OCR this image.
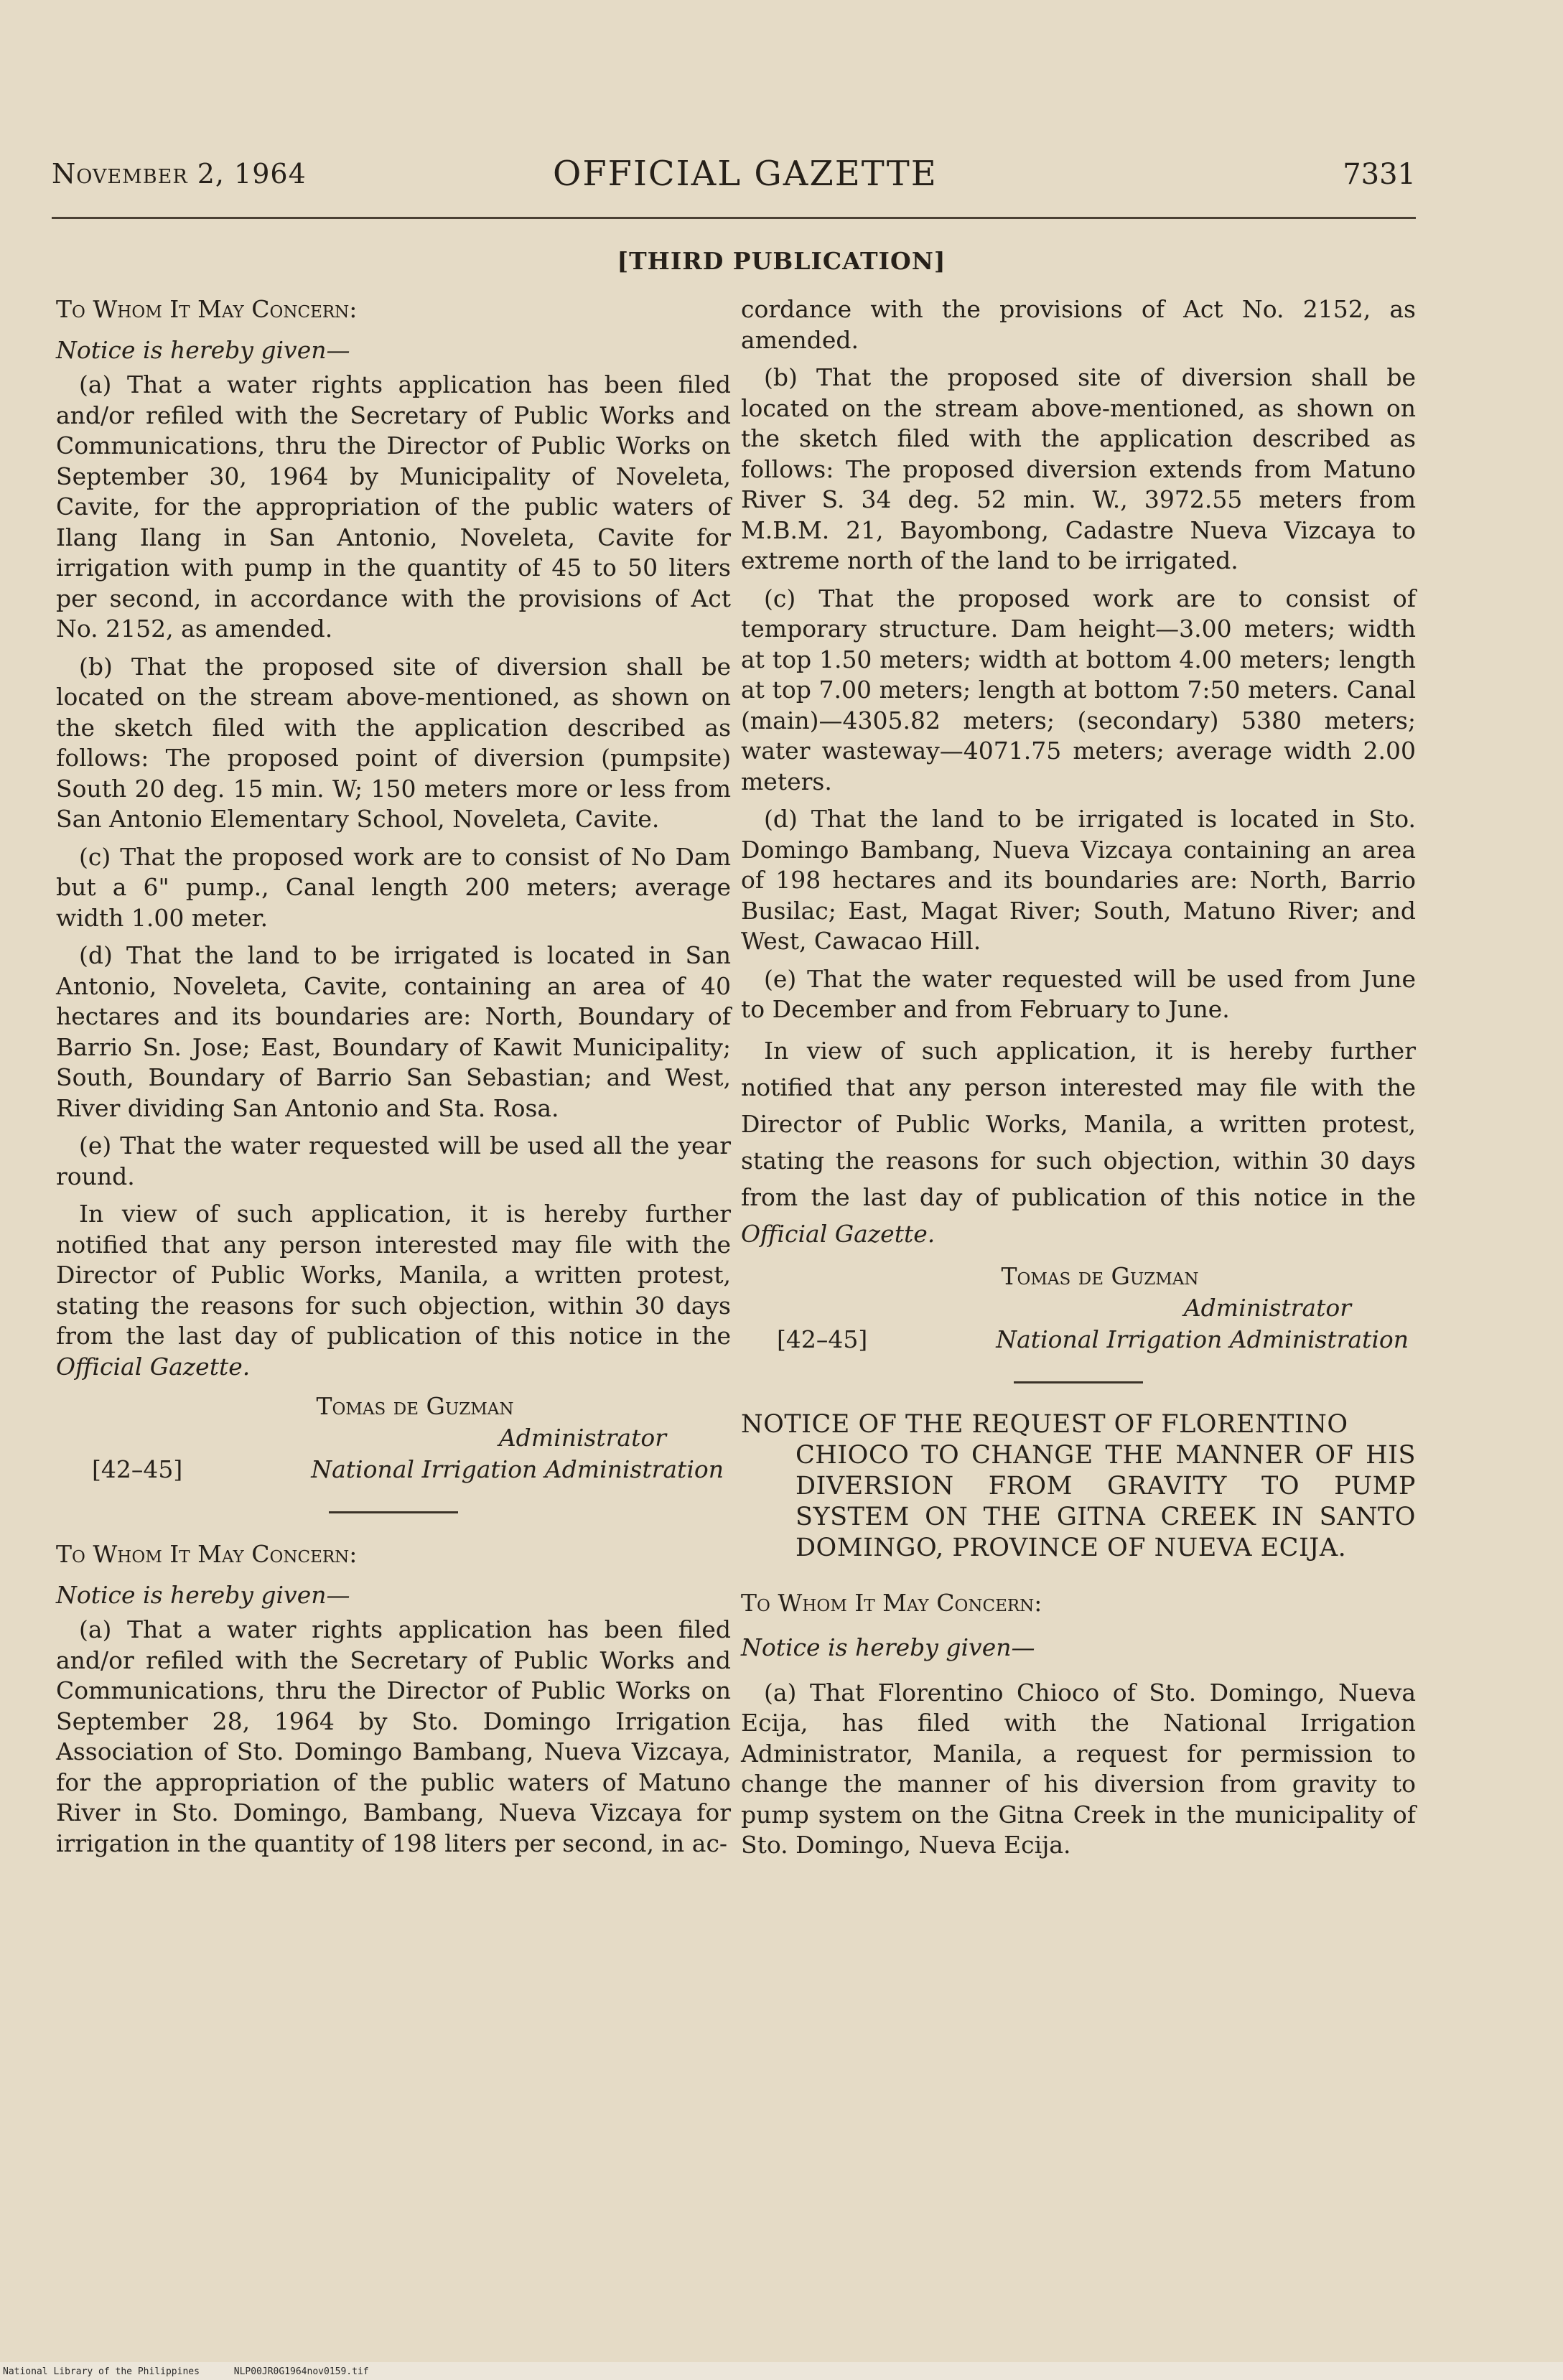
November 2, 1964	OFFICIAL GAZETTE	7331
[THIRD PUBLICATION]

To Whom It May Concern:

Notice is hereby given—

(a) That a water rights application has been filed and/or refiled with the Secretary of Public Works and Communications, thru the Director of Public Works on September 30, 1964 by Municipality of Noveleta, Cavite, for the appropriation of the public waters of Ilang Ilang in San Antonio, Noveleta, Cavite for irrigation with pump in the quantity of 45 to 50 liters per second, in accordance with the provisions of Act No. 2152, as amended.

(b) That the proposed site of diversion shall be located on the stream above-mentioned, as shown on the sketch filed with the application described as follows: The proposed point of diversion (pumpsite) South 20 deg. 15 min. W; 150 meters more or less from San Antonio Elementary School, Noveleta, Cavite.

(c) That the proposed work are to consist of No Dam but a 6" pump., Canal length 200 meters; average width 1.00 meter.

(d) That the land to be irrigated is located in San Antonio, Noveleta, Cavite, containing an area of 40 hectares and its boundaries are: North, Boundary of Barrio Sn. Jose; East, Boundary of Kawit Municipality; South, Boundary of Barrio San Sebastian; and West, River dividing San Antonio and Sta. Rosa.

(e) That the water requested will be used all the year round.

In view of such application, it is hereby further notified that any person interested may file with the Director of Public Works, Manila, a written protest, stating the reasons for such objection, within 30 days from the last day of publication of this notice in the Official Gazette.

Tomas de Guzman
Administrator
[42–45]	National Irrigation Administration

To Whom It May Concern:

Notice is hereby given—

(a) That a water rights application has been filed and/or refiled with the Secretary of Public Works and Communications, thru the Director of Public Works on September 28, 1964 by Sto. Domingo Irrigation Association of Sto. Domingo Bambang, Nueva Vizcaya, for the appropriation of the public waters of Matuno River in Sto. Domingo, Bambang, Nueva Vizcaya for irrigation in the quantity of 198 liters per second, in ac-

cordance with the provisions of Act No. 2152, as amended.

(b) That the proposed site of diversion shall be located on the stream above-mentioned, as shown on the sketch filed with the application described as follows: The proposed diversion extends from Matuno River S. 34 deg. 52 min. W., 3972.55 meters from M.B.M. 21, Bayombong, Cadastre Nueva Vizcaya to extreme north of the land to be irrigated.

(c) That the proposed work are to consist of temporary structure. Dam height—3.00 meters; width at top 1.50 meters; width at bottom 4.00 meters; length at top 7.00 meters; length at bottom 7:50 meters. Canal (main)—4305.82 meters; (secondary) 5380 meters; water wasteway—4071.75 meters; average width 2.00 meters.

(d) That the land to be irrigated is located in Sto. Domingo Bambang, Nueva Vizcaya containing an area of 198 hectares and its boundaries are: North, Barrio Busilac; East, Magat River; South, Matuno River; and West, Cawacao Hill.

(e) That the water requested will be used from June to December and from February to June.

In view of such application, it is hereby further notified that any person interested may file with the Director of Public Works, Manila, a written protest, stating the reasons for such objection, within 30 days from the last day of publication of this notice in the Official Gazette.

Tomas de Guzman
Administrator
[42–45]	National Irrigation Administration
NOTICE OF THE REQUEST OF FLORENTINO
CHIOCO TO CHANGE THE MANNER OF HIS DIVERSION FROM GRAVITY TO PUMP SYSTEM ON THE GITNA CREEK IN SANTO DOMINGO, PROVINCE OF NUEVA ECIJA.

To Whom It May Concern:

Notice is hereby given—

(a) That Florentino Chioco of Sto. Domingo, Nueva Ecija, has filed with the National Irrigation Administrator, Manila, a request for permission to change the manner of his diversion from gravity to pump system on the Gitna Creek in the municipality of Sto. Domingo, Nueva Ecija.

National Library of the Philippines	NLP00JR0G1964nov0159.tif
